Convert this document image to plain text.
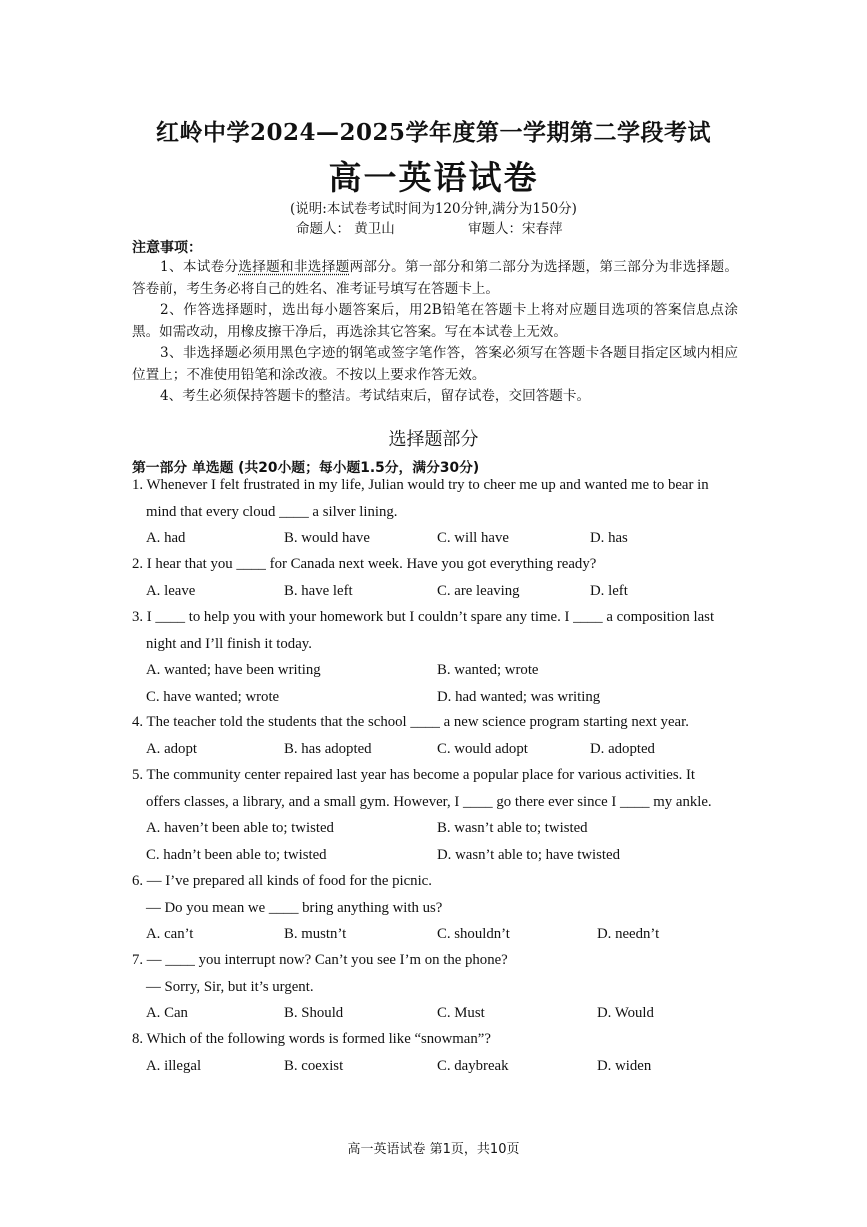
红岭中学2024—2025学年度第一学期第二学段考试
高一英语试卷
(说明:本试卷考试时间为120分钟,满分为150分)
命题人： 黄卫山	审题人：宋春萍
注意事项：

1、本试卷分选择题和非选择题两部分。第一部分和第二部分为选择题，第三部分为非选择题。答卷前，考生务必将自己的姓名、准考证号填写在答题卡上。

2、作答选择题时，选出每小题答案后，用2B铅笔在答题卡上将对应题目选项的答案信息点涂黑。如需改动，用橡皮擦干净后，再选涂其它答案。写在本试卷上无效。

3、非选择题必须用黑色字迹的钢笔或签字笔作答，答案必须写在答题卡各题目指定区域内相应位置上；不准使用铅笔和涂改液。不按以上要求作答无效。

4、考生必须保持答题卡的整洁。考试结束后，留存试卷，交回答题卡。

选择题部分
第一部分 单选题 (共20小题；每小题1.5分，满分30分)

1. Whenever I felt frustrated in my life, Julian would try to cheer me up and wanted me to bear in

mind that every cloud ____ a silver lining.

A. had	B. would have	C. will have	D. has

2. I hear that you ____ for Canada next week. Have you got everything ready?

A. leave	B. have left	C. are leaving	D. left

3. I ____ to help you with your homework but I couldn’t spare any time. I ____ a composition last

night and I’ll finish it today.

A. wanted; have been writing	B. wanted; wrote
C. have wanted; wrote	D. had wanted; was writing

4. The teacher told the students that the school ____ a new science program starting next year.

A. adopt	B. has adopted	C. would adopt	D. adopted

5. The community center repaired last year has become a popular place for various activities. It

offers classes, a library, and a small gym. However, I ____ go there ever since I ____ my ankle.

A. haven’t been able to; twisted	B. wasn’t able to; twisted
C. hadn’t been able to; twisted	D. wasn’t able to; have twisted

6. — I’ve prepared all kinds of food for the picnic.

— Do you mean we ____ bring anything with us?

A. can’t	B. mustn’t	C. shouldn’t	D. needn’t

7. — ____ you interrupt now? Can’t you see I’m on the phone?

— Sorry, Sir, but it’s urgent.

A. Can	B. Should	C. Must	D. Would

8. Which of the following words is formed like “snowman”?

A. illegal	B. coexist	C. daybreak	D. widen
高一英语试卷 第1页，共10页
